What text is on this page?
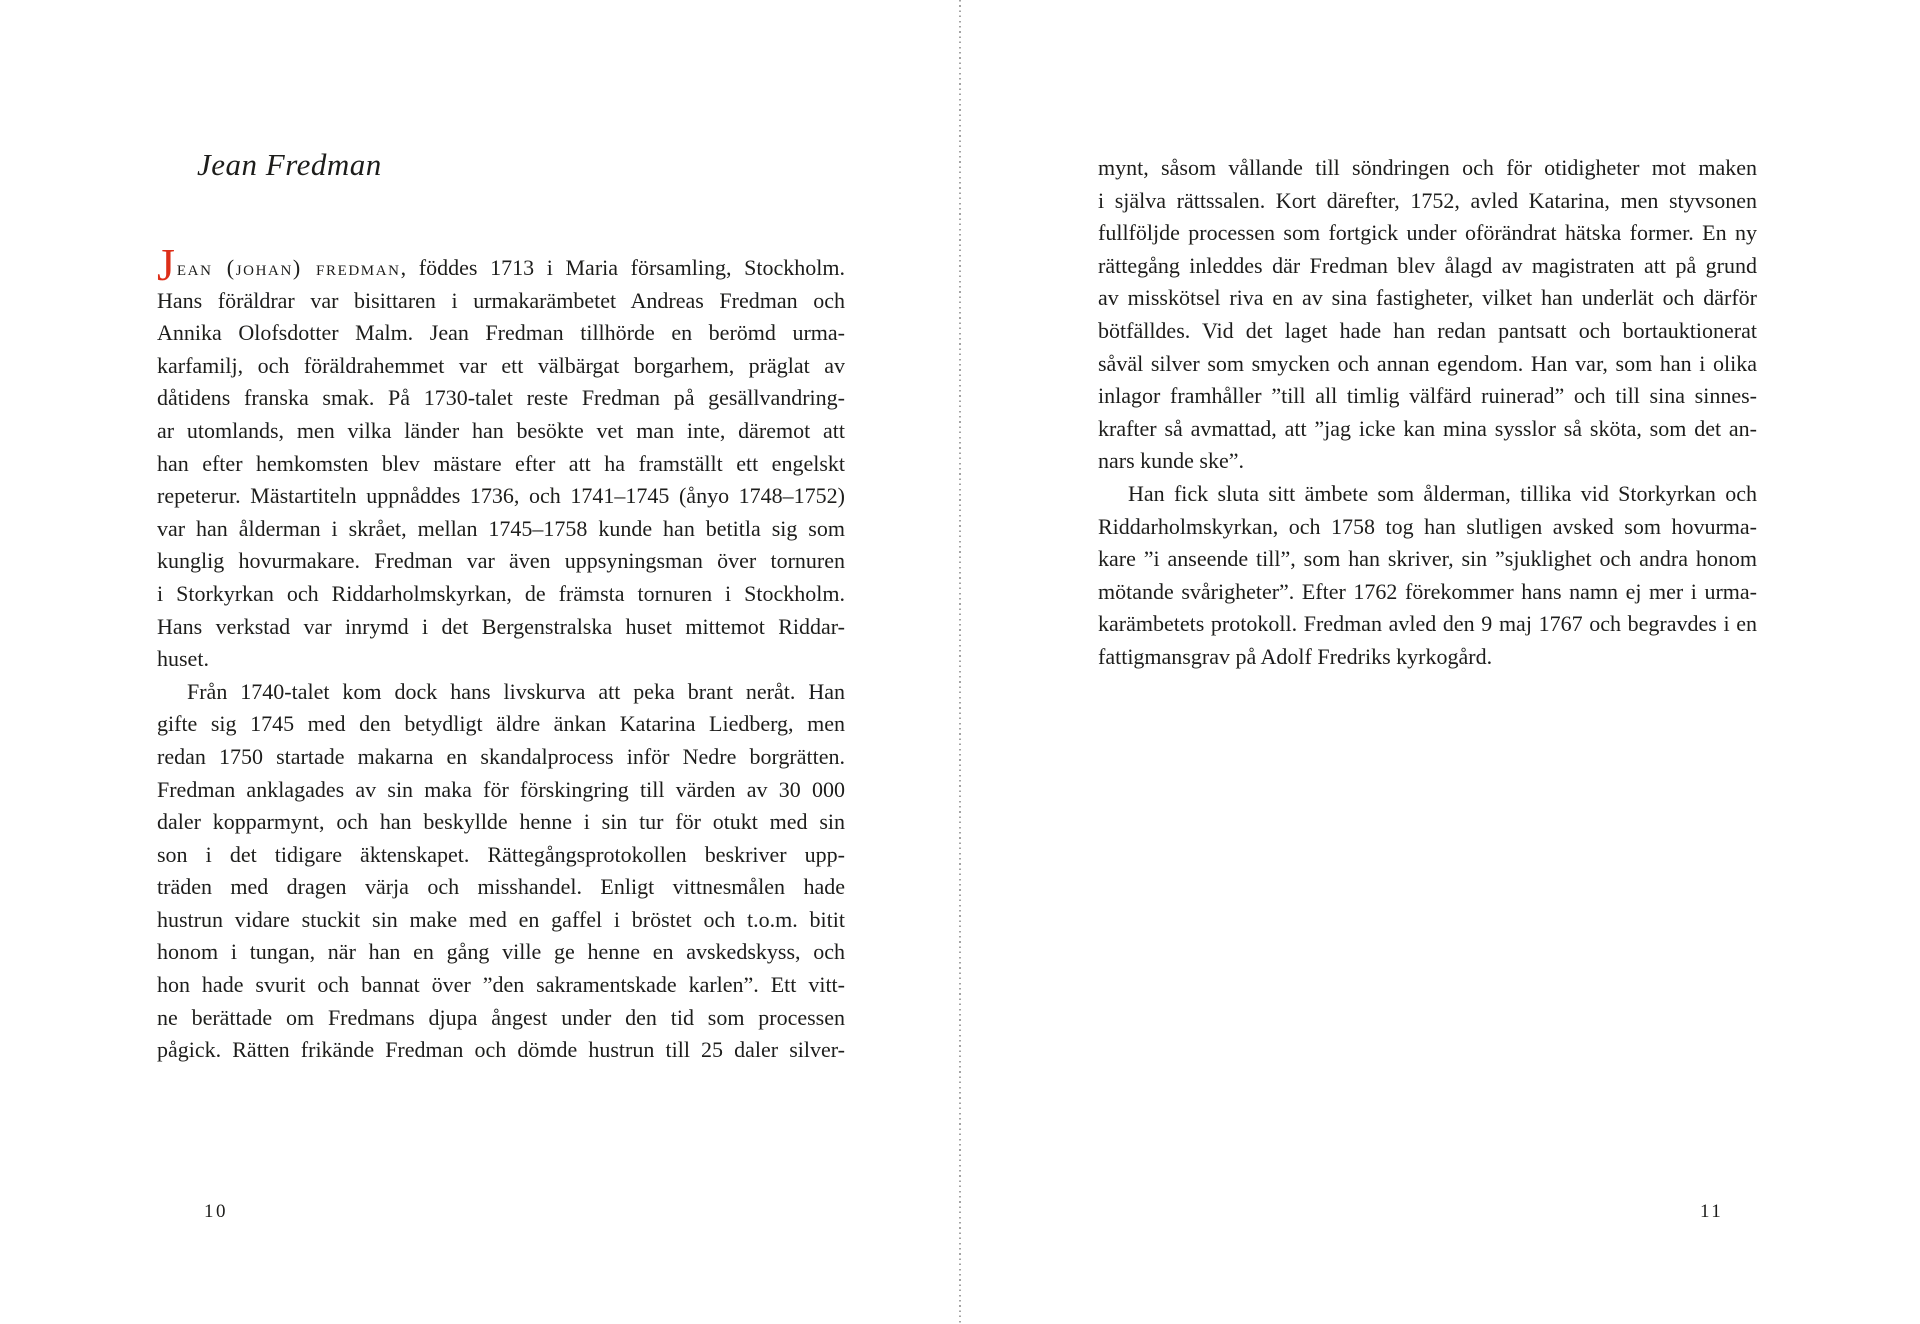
Jean Fredman
Jean (johan) fredman, föddes 1713 i Maria församling, Stockholm.
Hans föräldrar var bisittaren i urmakarämbetet Andreas Fredman och
Annika Olofsdotter Malm. Jean Fredman tillhörde en berömd urma-
karfamilj, och föräldrahemmet var ett välbärgat borgarhem, präglat av
dåtidens franska smak. På 1730-talet reste Fredman på gesällvandring-
ar utomlands, men vilka länder han besökte vet man inte, däremot att
han efter hemkomsten blev mästare efter att ha framställt ett engelskt
repeterur. Mästartiteln uppnåddes 1736, och 1741–1745 (ånyo 1748–1752)
var han ålderman i skrået, mellan 1745–1758 kunde han betitla sig som
kunglig hovurmakare. Fredman var även uppsyningsman över tornuren
i Storkyrkan och Riddarholmskyrkan, de främsta tornuren i Stockholm.
Hans verkstad var inrymd i det Bergenstralska huset mittemot Riddar-
huset.
Från 1740-talet kom dock hans livskurva att peka brant neråt. Han
gifte sig 1745 med den betydligt äldre änkan Katarina Liedberg, men
redan 1750 startade makarna en skandalprocess inför Nedre borgrätten.
Fredman anklagades av sin maka för förskingring till värden av 30 000
daler kopparmynt, och han beskyllde henne i sin tur för otukt med sin
son i det tidigare äktenskapet. Rättegångsprotokollen beskriver upp-
träden med dragen värja och misshandel. Enligt vittnesmålen hade
hustrun vidare stuckit sin make med en gaffel i bröstet och t.o.m. bitit
honom i tungan, när han en gång ville ge henne en avskedskyss, och
hon hade svurit och bannat över ”den sakramentskade karlen”. Ett vitt-
ne berättade om Fredmans djupa ångest under den tid som processen
pågick. Rätten frikände Fredman och dömde hustrun till 25 daler silver-
10
mynt, såsom vållande till söndringen och för otidigheter mot maken
i själva rättssalen. Kort därefter, 1752, avled Katarina, men styvsonen
fullföljde processen som fortgick under oförändrat hätska former. En ny
rättegång inleddes där Fredman blev ålagd av magistraten att på grund
av misskötsel riva en av sina fastigheter, vilket han underlät och därför
bötfälldes. Vid det laget hade han redan pantsatt och bortauktionerat
såväl silver som smycken och annan egendom. Han var, som han i olika
inlagor framhåller ”till all timlig välfärd ruinerad” och till sina sinnes-
krafter så avmattad, att ”jag icke kan mina sysslor så sköta, som det an-
nars kunde ske”.
Han fick sluta sitt ämbete som ålderman, tillika vid Storkyrkan och
Riddarholmskyrkan, och 1758 tog han slutligen avsked som hovurma-
kare ”i anseende till”, som han skriver, sin ”sjuklighet och andra honom
mötande svårigheter”. Efter 1762 förekommer hans namn ej mer i urma-
karämbetets protokoll. Fredman avled den 9 maj 1767 och begravdes i en
fattigmansgrav på Adolf Fredriks kyrkogård.
11
